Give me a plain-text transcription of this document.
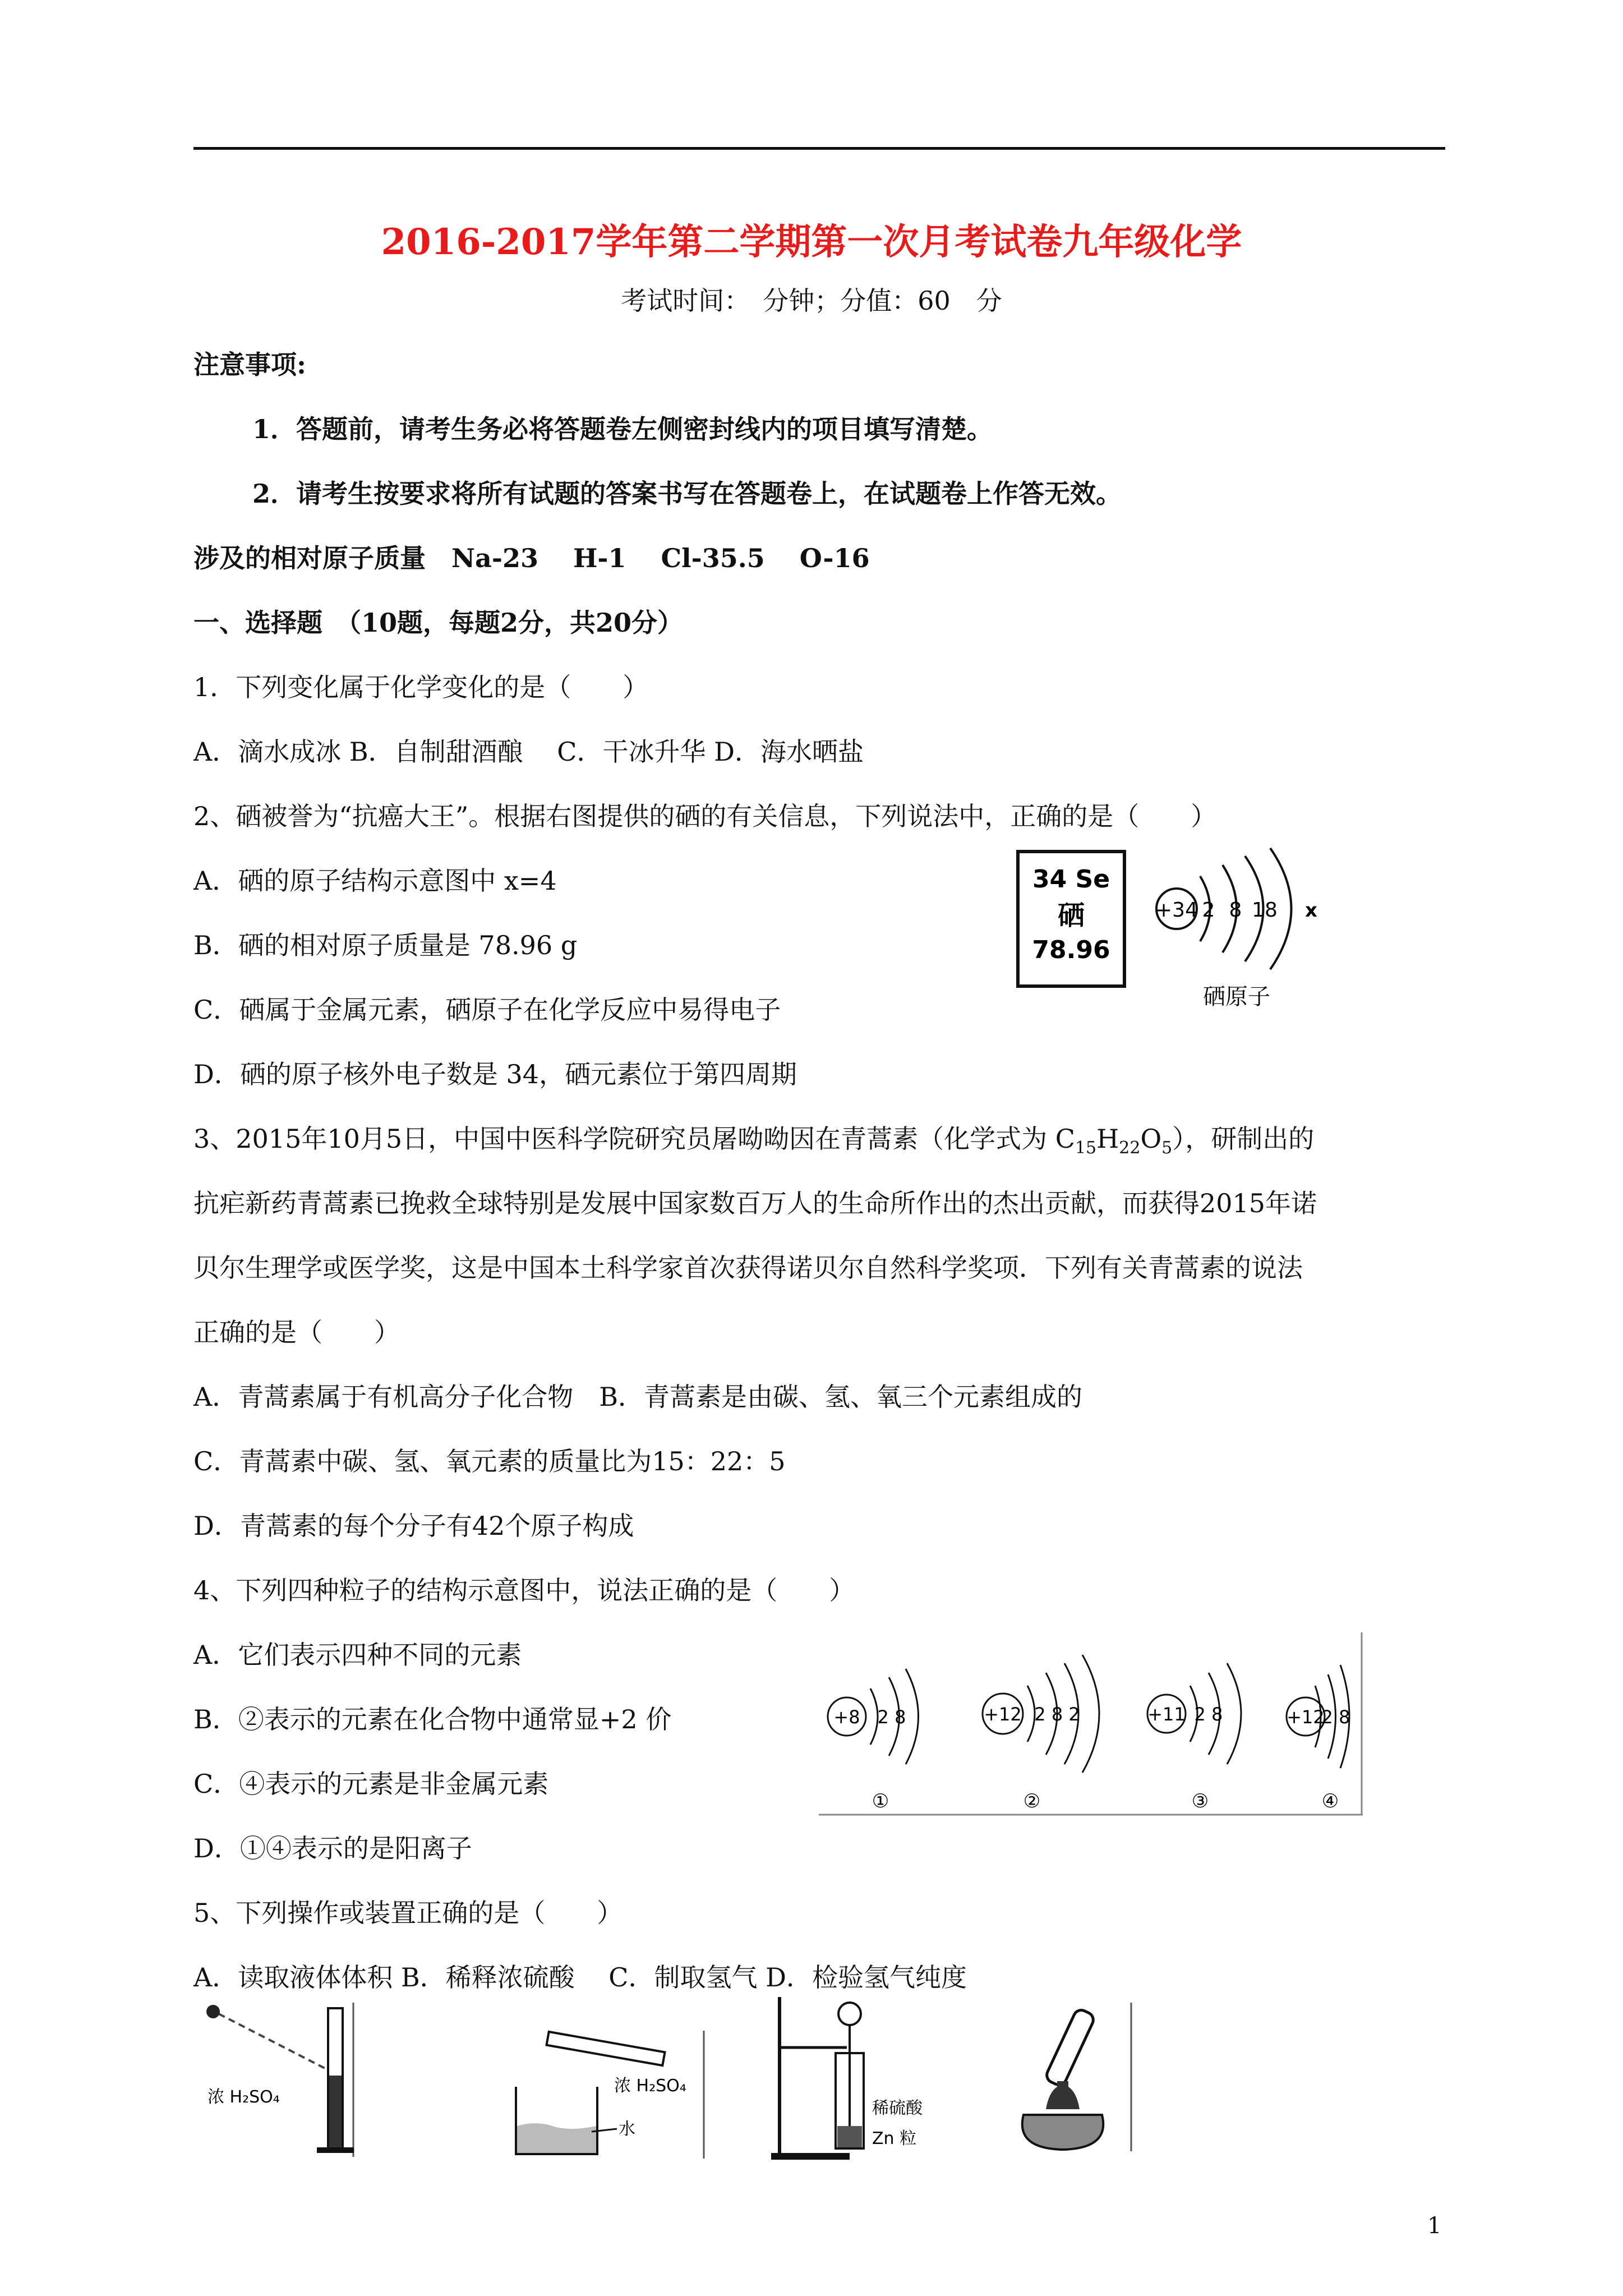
2016-2017学年第二学期第一次月考试卷九年级化学
考试时间：　分钟；分值：60　分
注意事项:
1．答题前，请考生务必将答题卷左侧密封线内的项目填写清楚。
2．请考生按要求将所有试题的答案书写在答题卷上，在试题卷上作答无效。
涉及的相对原子质量　Na-23　 H-1　 Cl-35.5　 O-16
一、选择题　（10题，每题2分，共20分）
1．下列变化属于化学变化的是（　　）
A．滴水成冰 B．自制甜酒酿　 C．干冰升华 D．海水晒盐
2、硒被誉为“抗癌大王”。根据右图提供的硒的有关信息，下列说法中，正确的是（　　）
A．硒的原子结构示意图中 x=4
B．硒的相对原子质量是 78.96 g
C．硒属于金属元素，硒原子在化学反应中易得电子
D．硒的原子核外电子数是 34，硒元素位于第四周期
34 Se
硒
78.96
+34 2 8 18 x
硒原子
3、2015年10月5日，中国中医科学院研究员屠呦呦因在青蒿素（化学式为 $C_{15}H_{22}O_5$），研制出的
抗疟新药青蒿素已挽救全球特别是发展中国家数百万人的生命所作出的杰出贡献，而获得2015年诺
贝尔生理学或医学奖，这是中国本土科学家首次获得诺贝尔自然科学奖项．下列有关青蒿素的说法
正确的是（　　）
A．青蒿素属于有机高分子化合物　B．青蒿素是由碳、氢、氧三个元素组成的
C．青蒿素中碳、氢、氧元素的质量比为15：22：5
D．青蒿素的每个分子有42个原子构成
4、下列四种粒子的结构示意图中，说法正确的是（　　）
A．它们表示四种不同的元素
B．②表示的元素在化合物中通常显+2 价
C．④表示的元素是非金属元素
D．①④表示的是阳离子
+8 2 8
①
+12 2 8 2
②
+11 2 8
③
+12
2 8
④
5、下列操作或装置正确的是（　　）
A．读取液体体积 B．稀释浓硫酸　 C．制取氢气 D．检验氢气纯度
浓 H₂SO₄
水
浓 H₂SO₄
稀硫酸
Zn 粒
1
